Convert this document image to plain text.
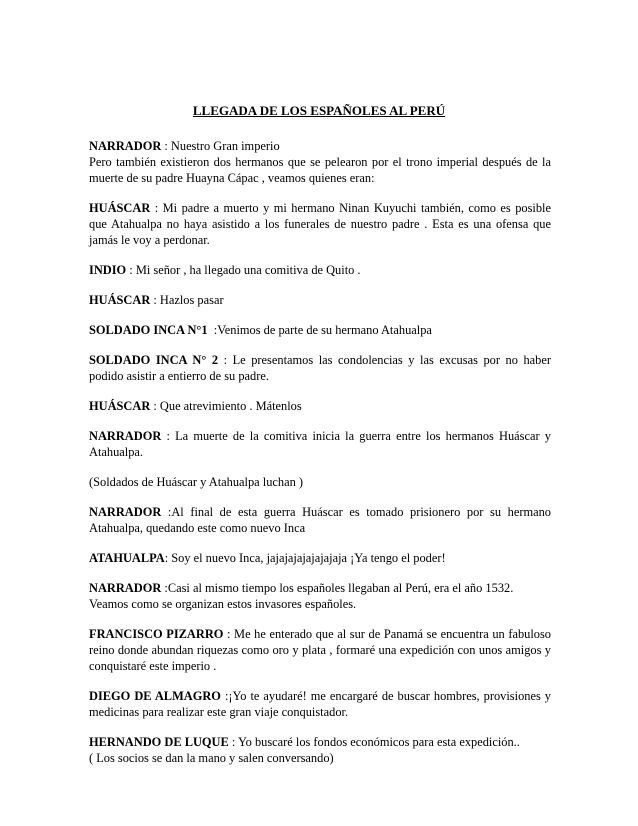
LLEGADA DE LOS ESPAÑOLES AL PERÚ

NARRADOR : Nuestro Gran imperio
Pero también existieron dos hermanos que se pelearon por el trono imperial después de la muerte de su padre Huayna Cápac , veamos quienes eran:

HUÁSCAR : Mi padre a muerto y mi hermano Ninan Kuyuchi también, como es posible que Atahualpa no haya asistido a los funerales de nuestro padre . Esta es una ofensa que jamás le voy a perdonar.

INDIO : Mi señor , ha llegado una comitiva de Quito .

HUÁSCAR : Hazlos pasar

SOLDADO INCA N°1  :Venimos de parte de su hermano Atahualpa

SOLDADO INCA N° 2 : Le presentamos las condolencias y las excusas por no haber podido asistir a entierro de su padre.

HUÁSCAR : Que atrevimiento . Mátenlos

NARRADOR : La muerte de la comitiva inicia la guerra entre los hermanos Huáscar y Atahualpa.

(Soldados de Huáscar y Atahualpa luchan )

NARRADOR :Al final de esta guerra Huáscar es tomado prisionero por su hermano Atahualpa, quedando este como nuevo Inca

ATAHUALPA: Soy el nuevo Inca, jajajajajajajajaja ¡Ya tengo el poder!

NARRADOR :Casi al mismo tiempo los españoles llegaban al Perú, era el año 1532.
Veamos como se organizan estos invasores españoles.

FRANCISCO PIZARRO : Me he enterado que al sur de Panamá se encuentra un fabuloso reino donde abundan riquezas como oro y plata , formaré una expedición con unos amigos y conquistaré este imperio .

DIEGO DE ALMAGRO :¡Yo te ayudaré! me encargaré de buscar hombres, provisiones y medicinas para realizar este gran viaje conquistador.

HERNANDO DE LUQUE : Yo buscaré los fondos económicos para esta expedición..
( Los socios se dan la mano y salen conversando)
